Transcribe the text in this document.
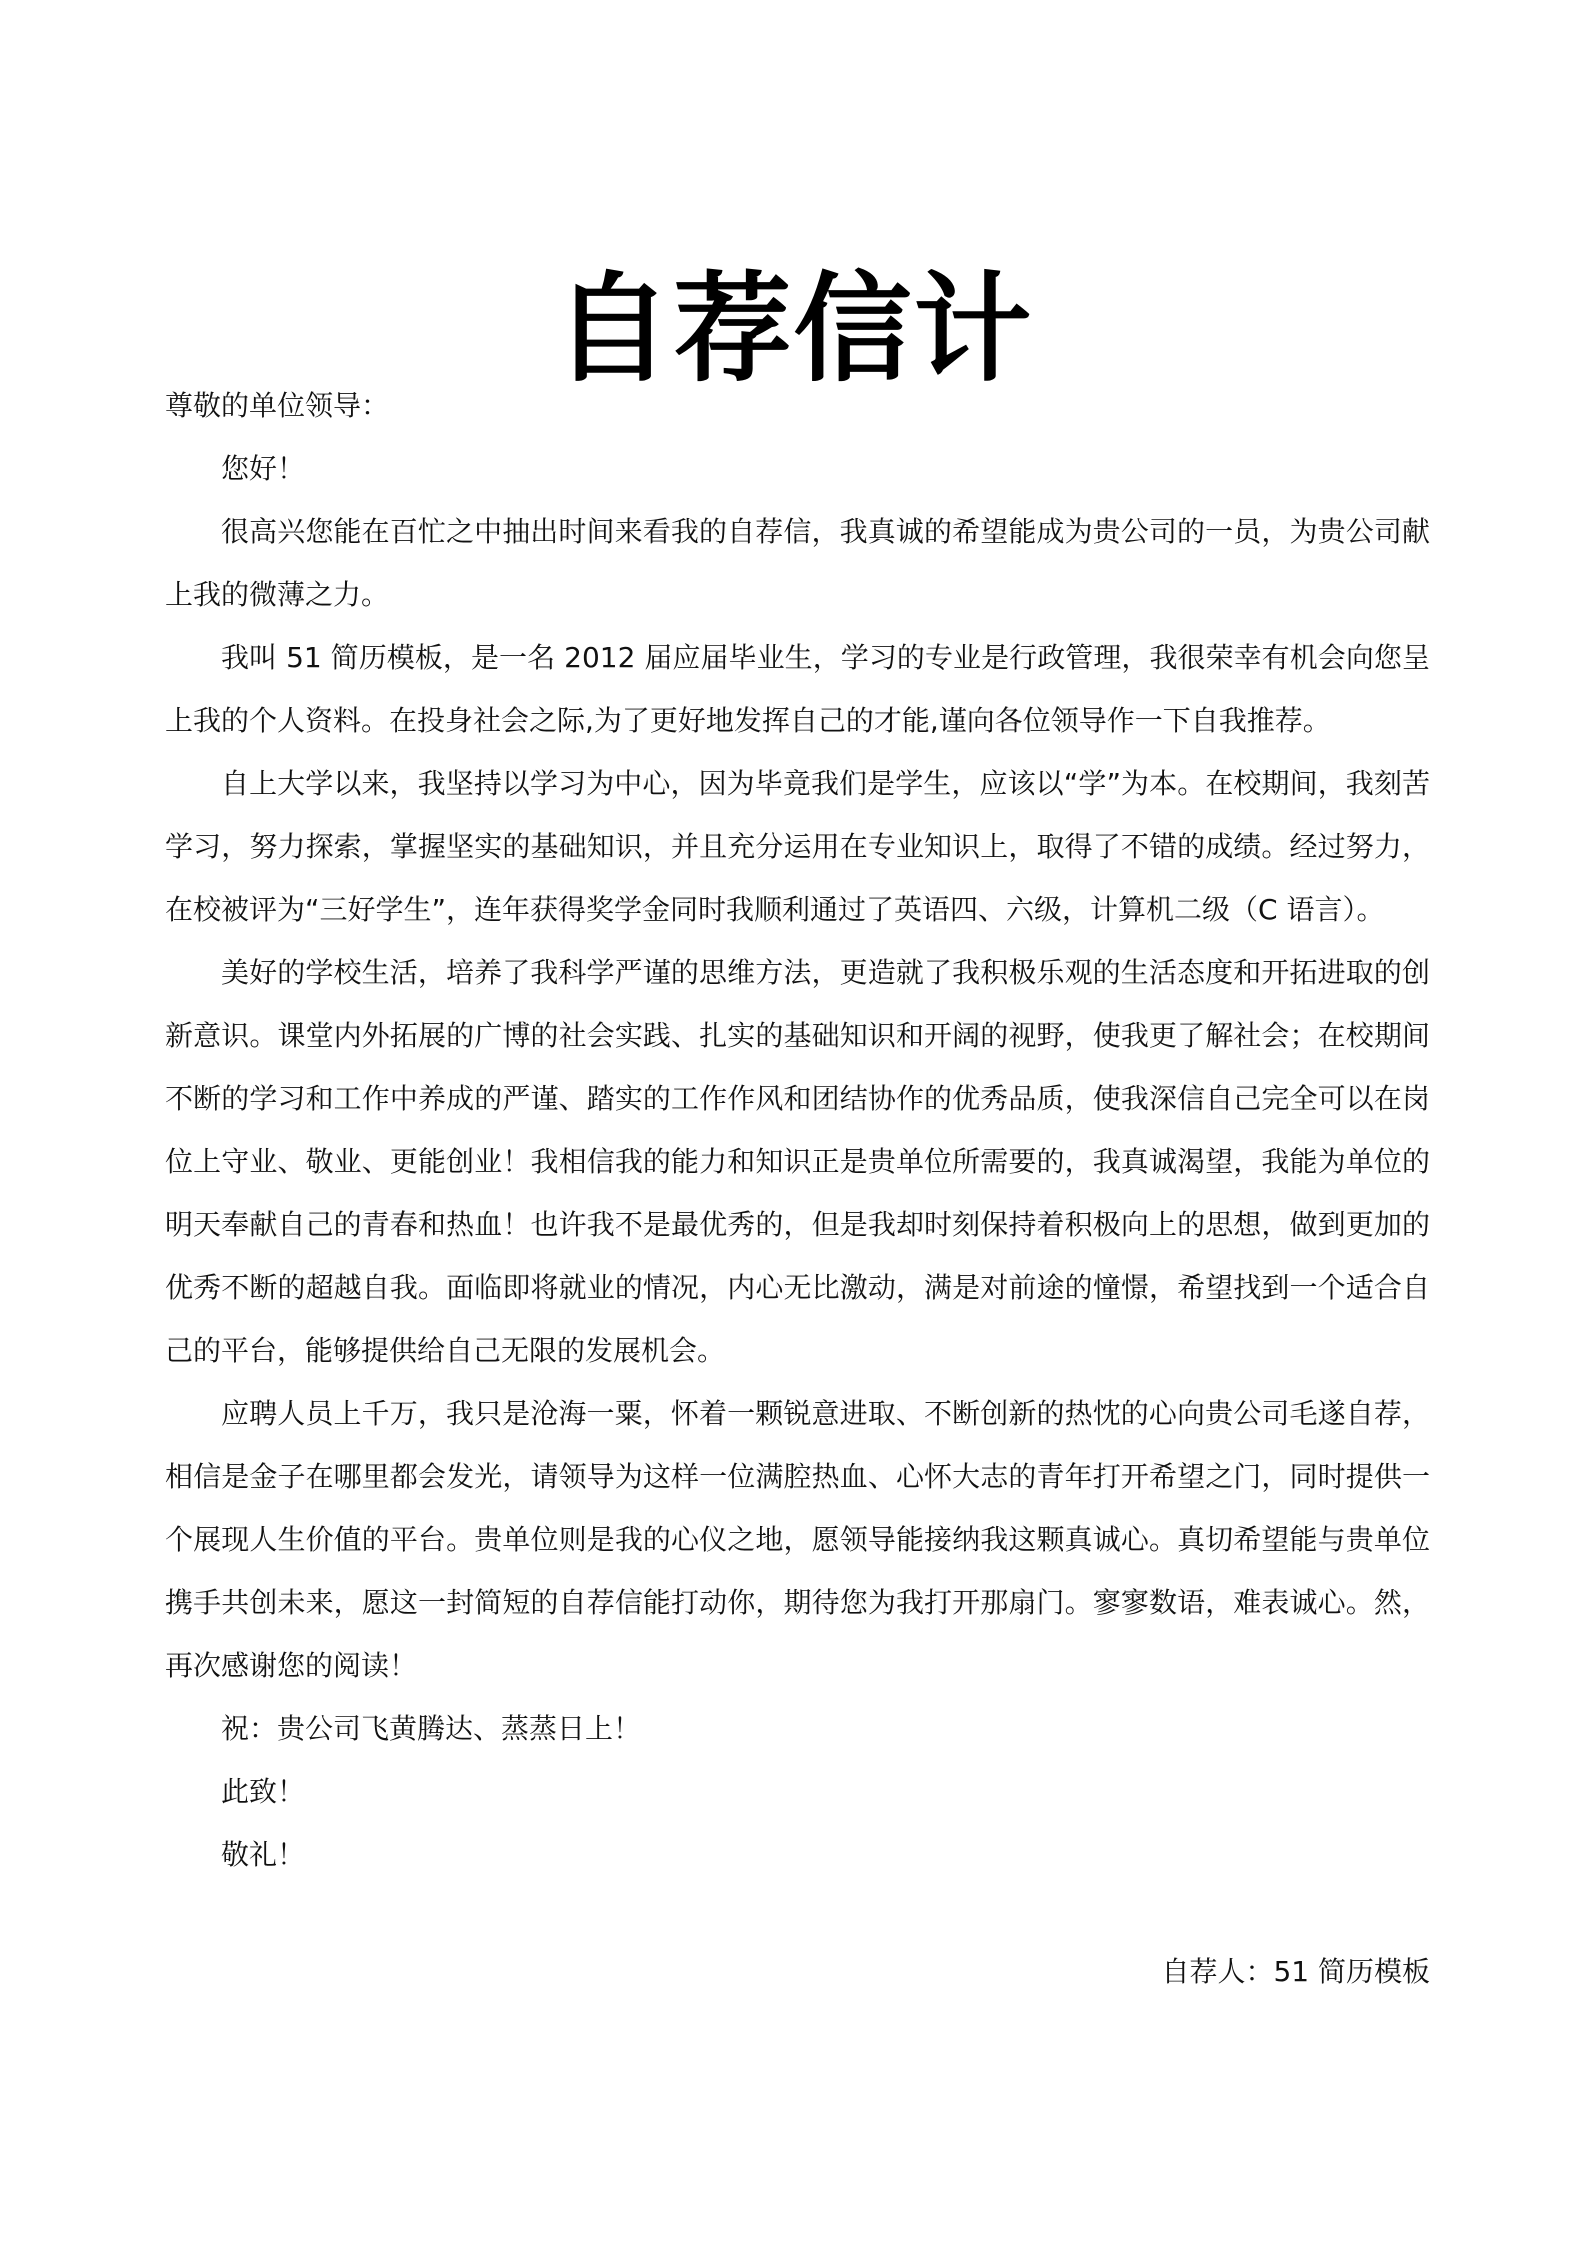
自荐信计

尊敬的单位领导：

您好！

很高兴您能在百忙之中抽出时间来看我的自荐信，我真诚的希望能成为贵公司的一员，为贵公司献上我的微薄之力。

我叫 51 简历模板，是一名 2012 届应届毕业生，学习的专业是行政管理，我很荣幸有机会向您呈上我的个人资料。在投身社会之际,为了更好地发挥自己的才能,谨向各位领导作一下自我推荐。

自上大学以来，我坚持以学习为中心，因为毕竟我们是学生，应该以“学”为本。在校期间，我刻苦学习，努力探索，掌握坚实的基础知识，并且充分运用在专业知识上，取得了不错的成绩。经过努力，在校被评为“三好学生”，连年获得奖学金同时我顺利通过了英语四、六级，计算机二级（C 语言）。

美好的学校生活，培养了我科学严谨的思维方法，更造就了我积极乐观的生活态度和开拓进取的创新意识。课堂内外拓展的广博的社会实践、扎实的基础知识和开阔的视野，使我更了解社会；在校期间不断的学习和工作中养成的严谨、踏实的工作作风和团结协作的优秀品质，使我深信自己完全可以在岗位上守业、敬业、更能创业！我相信我的能力和知识正是贵单位所需要的，我真诚渴望，我能为单位的明天奉献自己的青春和热血！也许我不是最优秀的，但是我却时刻保持着积极向上的思想，做到更加的优秀不断的超越自我。面临即将就业的情况，内心无比激动，满是对前途的憧憬，希望找到一个适合自己的平台，能够提供给自己无限的发展机会。

应聘人员上千万，我只是沧海一粟，怀着一颗锐意进取、不断创新的热忱的心向贵公司毛遂自荐，相信是金子在哪里都会发光，请领导为这样一位满腔热血、心怀大志的青年打开希望之门，同时提供一个展现人生价值的平台。贵单位则是我的心仪之地，愿领导能接纳我这颗真诚心。真切希望能与贵单位携手共创未来，愿这一封简短的自荐信能打动你，期待您为我打开那扇门。寥寥数语，难表诚心。然，再次感谢您的阅读！

祝：贵公司飞黄腾达、蒸蒸日上！

此致！

敬礼！

自荐人：51 简历模板
